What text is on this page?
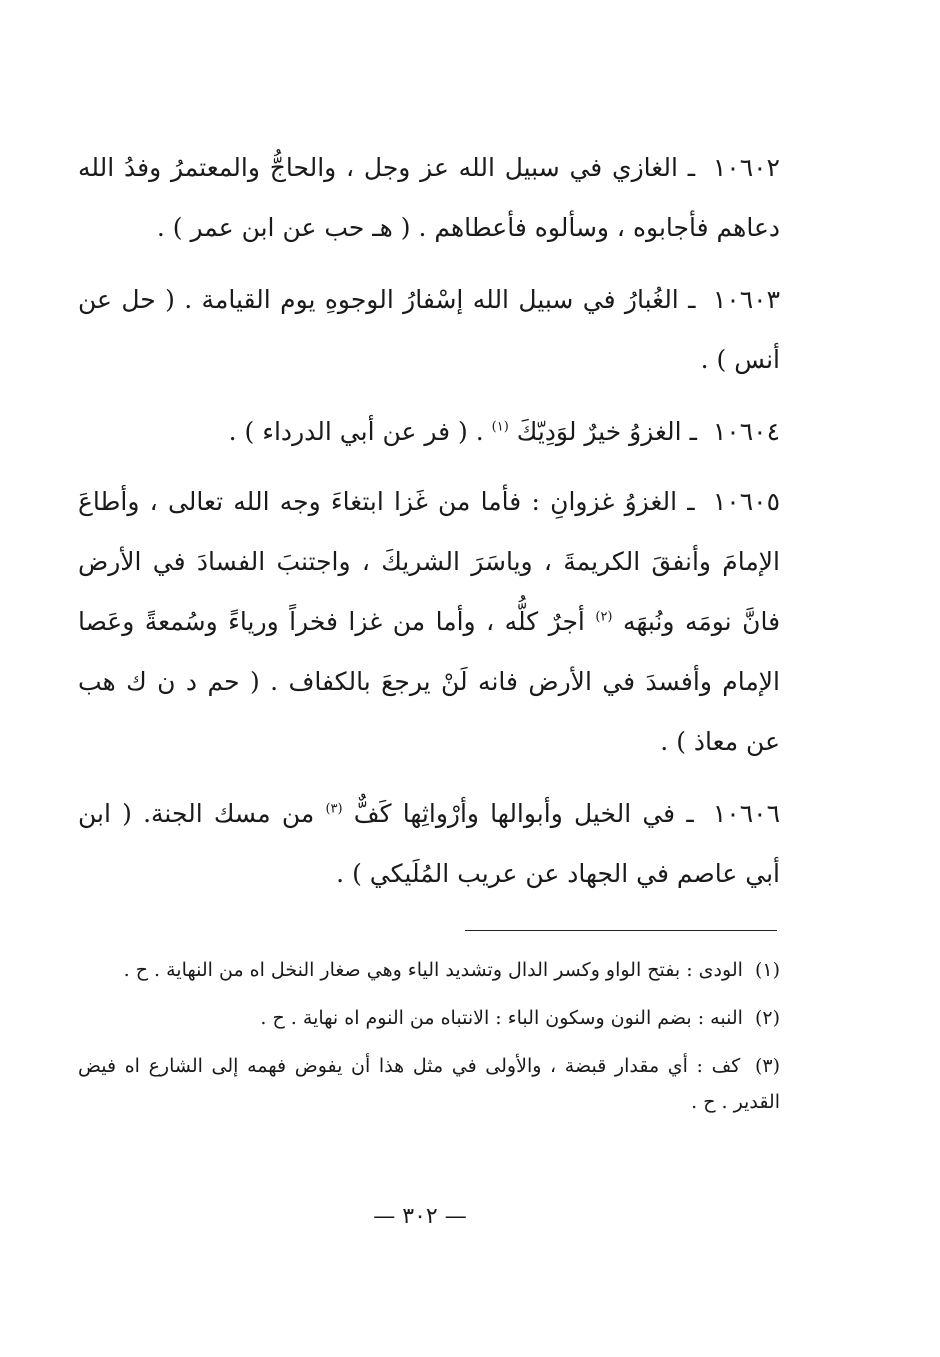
١٠٦٠٢ ـ الغازي في سبيل الله عز وجل ، والحاجُّ والمعتمرُ وفدُ الله دعاهم فأجابوه ، وسألوه فأعطاهم . ( هـ حب عن ابن عمر ) .

١٠٦٠٣ ـ الغُبارُ في سبيل الله إسْفارُ الوجوهِ يوم القيامة . ( حل عن أنس ) .

١٠٦٠٤ ـ الغزوُ خيرٌ لوَدِيّكَ $^{(١)}$ . ( فر عن أبي الدرداء ) .

١٠٦٠٥ ـ الغزوُ غزوانِ : فأما من غَزا ابتغاءَ وجه الله تعالى ، وأطاعَ الإمامَ وأنفقَ الكريمةَ ، وياسَرَ الشريكَ ، واجتنبَ الفسادَ في الأرض فانَّ نومَه ونُبهَه $^{(٢)}$ أجرٌ كلُّه ، وأما من غزا فخراً ورياءً وسُمعةً وعَصا الإمام وأفسدَ في الأرض فانه لَنْ يرجعَ بالكفاف . ( حم د ن ك هب عن معاذ ) .

١٠٦٠٦ ـ في الخيل وأبوالها وأرْواثِها كَفٌّ $^{(٣)}$ من مسك الجنة. ( ابن أبي عاصم في الجهاد عن عريب المُلَيكي ) .

(١) الودى : بفتح الواو وكسر الدال وتشديد الياء وهي صغار النخل اه من النهاية . ح .

(٢) النبه : بضم النون وسكون الباء : الانتباه من النوم اه نهاية . ح .

(٣) كف : أي مقدار قبضة ، والأولى في مثل هذا أن يفوض فهمه إلى الشارع اه فيض القدير . ح .

— ٣٠٢ —
